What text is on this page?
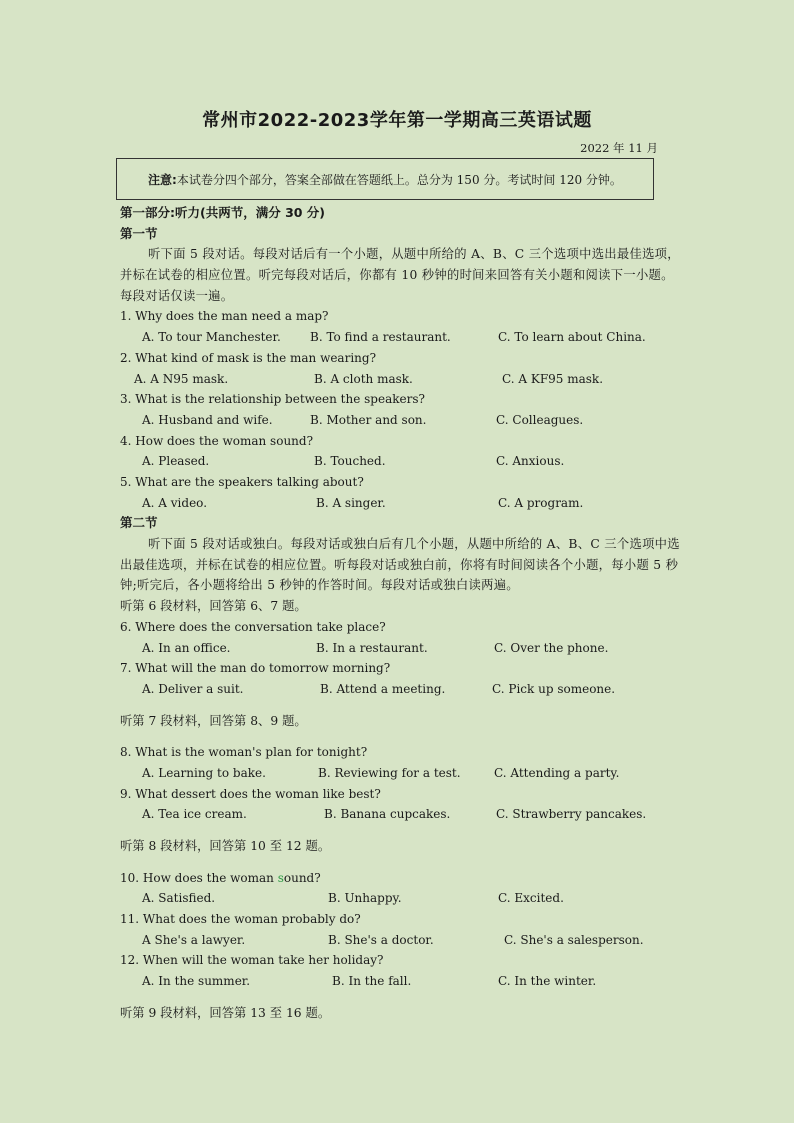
常州市2022-2023学年第一学期高三英语试题
2022 年 11 月
注意: 本试卷分四个部分，答案全部做在答题纸上。总分为 150 分。考试时间 120 分钟。
第一部分:听力(共两节，满分 30 分)
第一节
听下面 5 段对话。每段对话后有一个小题，从题中所给的 A、B、C 三个选项中选出最佳选项，并标在试卷的相应位置。听完每段对话后，你都有 10 秒钟的时间来回答有关小题和阅读下一小题。每段对话仅读一遍。
1. Why does the man need a map?
A. To tour Manchester. B. To find a restaurant.	C. To learn about China.
2. What kind of mask is the man wearing?
A. A N95 mask.	B. A cloth mask.	C. A KF95 mask.
3. What is the relationship between the speakers?
A. Husband and wife.	B. Mother and son.	C. Colleagues.
4. How does the woman sound?
A. Pleased.	B. Touched.	C. Anxious.
5. What are the speakers talking about?
A. A video.	B. A singer.	C. A program.
第二节
听下面 5 段对话或独白。每段对话或独白后有几个小题，从题中所给的 A、B、C 三个选项中选出最佳选项，并标在试卷的相应位置。听每段对话或独白前，你将有时间阅读各个小题，每小题 5 秒钟;听完后，各小题将给出 5 秒钟的作答时间。每段对话或独白读两遍。
听第 6 段材料，回答第 6、7 题。
6. Where does the conversation take place?
A. In an office.	B. In a restaurant.	C. Over the phone.
7. What will the man do tomorrow morning?
A. Deliver a suit.	B. Attend a meeting.	C. Pick up someone.
听第 7 段材料，回答第 8、9 题。
8. What is the woman's plan for tonight?
A. Learning to bake.	B. Reviewing for a test.	C. Attending a party.
9. What dessert does the woman like best?
A. Tea ice cream.	B. Banana cupcakes.	C. Strawberry pancakes.
听第 8 段材料，回答第 10 至 12 题。
10. How does the woman sound?
A. Satisfied.	B. Unhappy.	C. Excited.
11. What does the woman probably do?
A She's a lawyer.	B. She's a doctor.	C. She's a salesperson.
12. When will the woman take her holiday?
A. In the summer.	B. In the fall.	C. In the winter.
听第 9 段材料，回答第 13 至 16 题。
